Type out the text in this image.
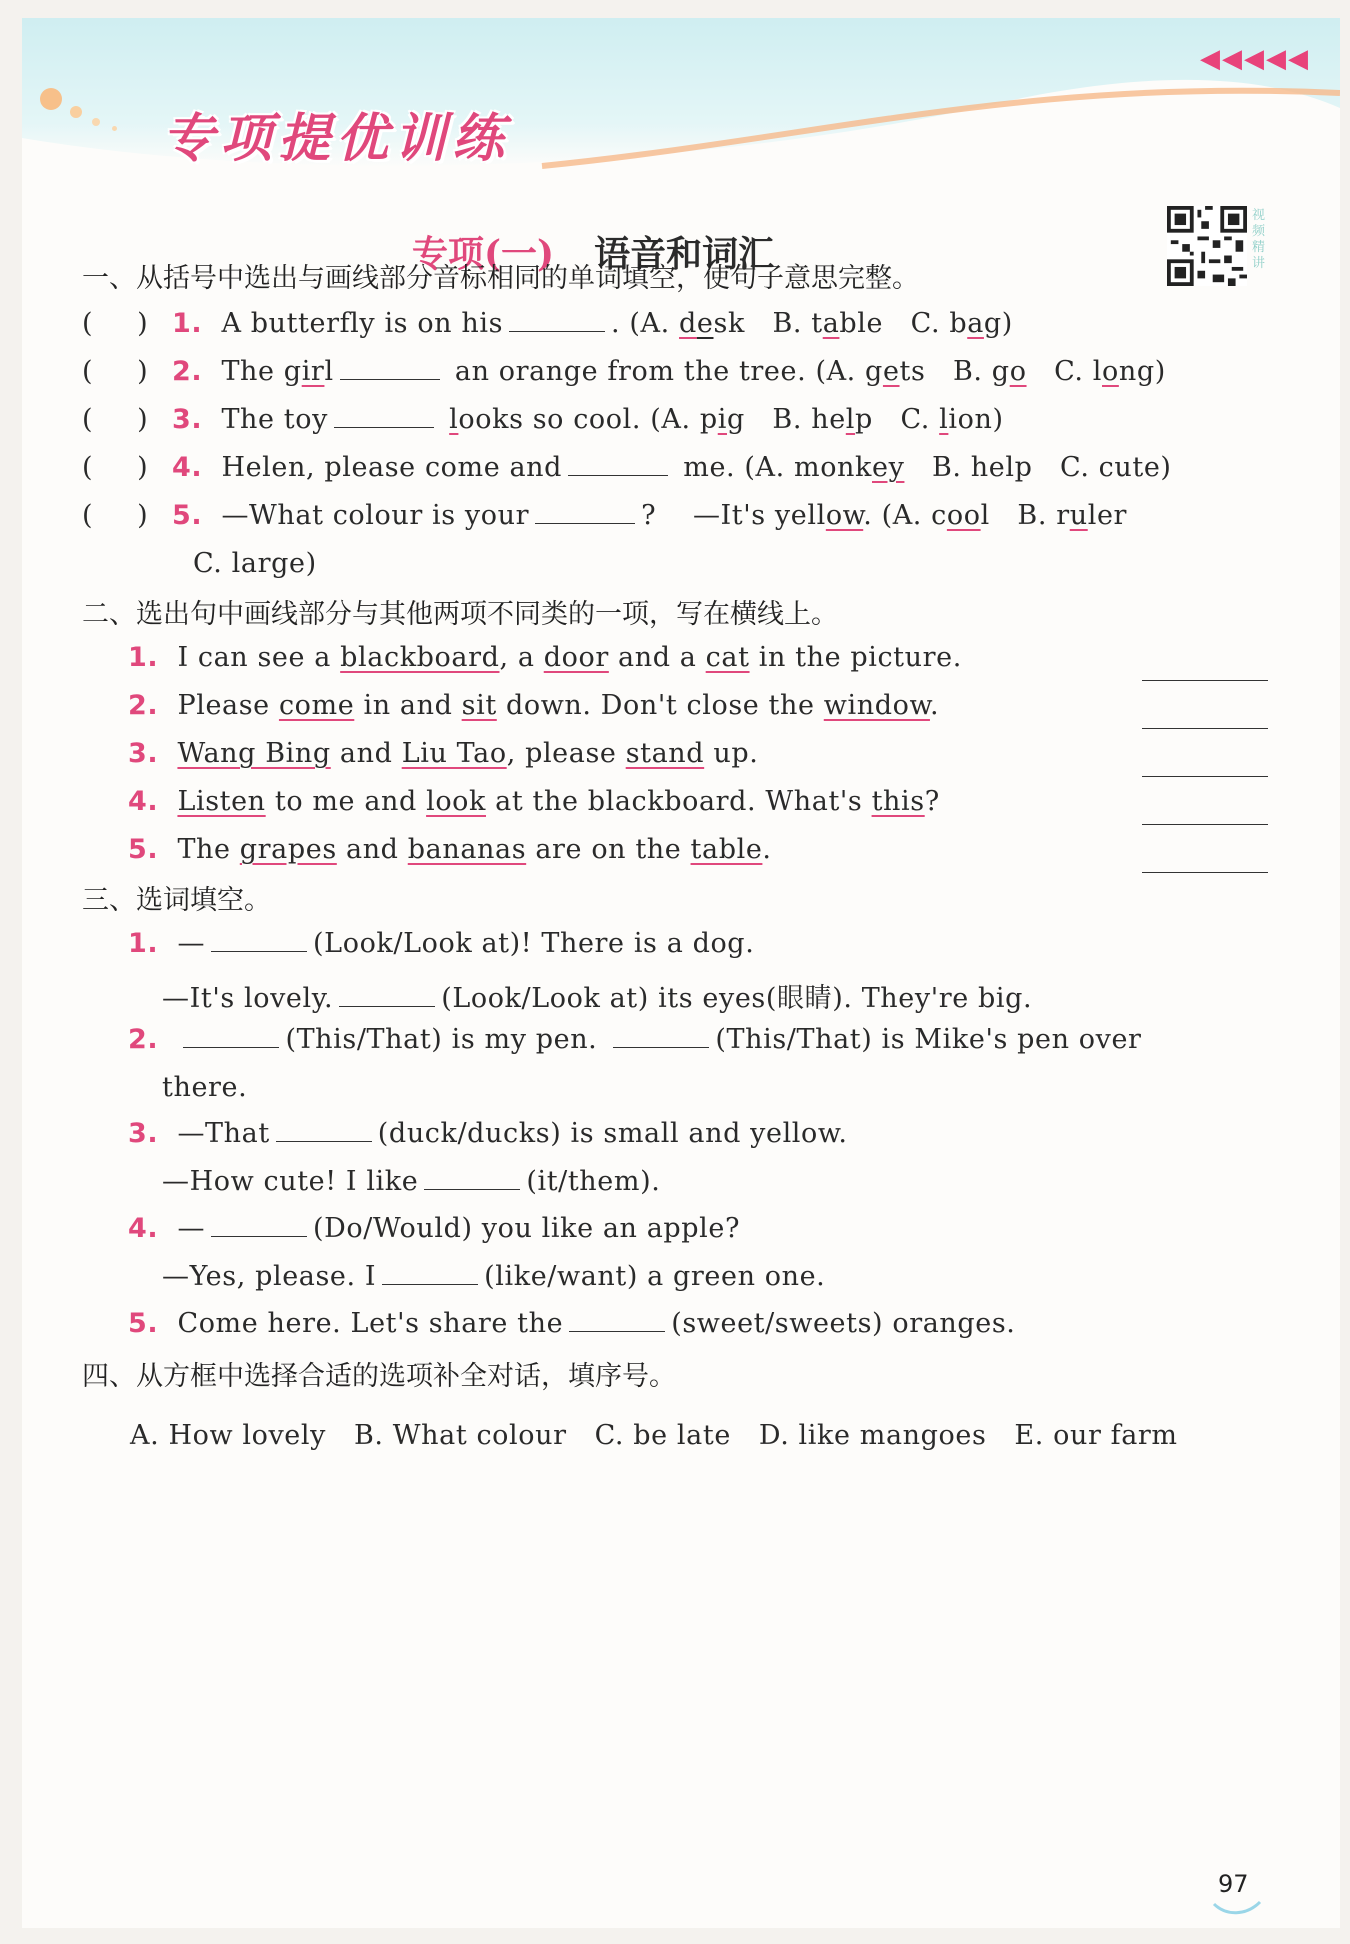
专项提优训练
◀◀◀◀◀
专项(一) 语音和词汇
视频精讲
一、从括号中选出与画线部分音标相同的单词填空，使句子意思完整。
( ) 1. A butterfly is on his	. (A. desk   B. table   C. bag)
( ) 2. The girl	an orange from the tree. (A. gets   B. go   C. long)
( ) 3. The toy	looks so cool. (A. pig   B. help   C. lion)
( ) 4. Helen, please come and	me. (A. monkey   B. help   C. cute)
( ) 5. —What colour is your	?    —It's yellow. (A. cool   B. ruler
C. large)
二、选出句中画线部分与其他两项不同类的一项，写在横线上。
1. I can see a blackboard, a door and a cat in the picture.
2. Please come in and sit down. Don't close the window.
3. Wang Bing and Liu Tao, please stand up.
4. Listen to me and look at the blackboard. What's this?
5. The grapes and bananas are on the table.
三、选词填空。
1. —	(Look/Look at)! There is a dog.
—It's lovely.	(Look/Look at) its eyes(眼睛). They're big.
2.	(This/That) is my pen.	(This/That) is Mike's pen over
there.
3. —That	(duck/ducks) is small and yellow.
—How cute! I like	(it/them).
4. —	(Do/Would) you like an apple?
—Yes, please. I	(like/want) a green one.
5. Come here. Let's share the	(sweet/sweets) oranges.
四、从方框中选择合适的选项补全对话，填序号。
A. How lovely B. What colour C. be late D. like mangoes E. our farm
97
